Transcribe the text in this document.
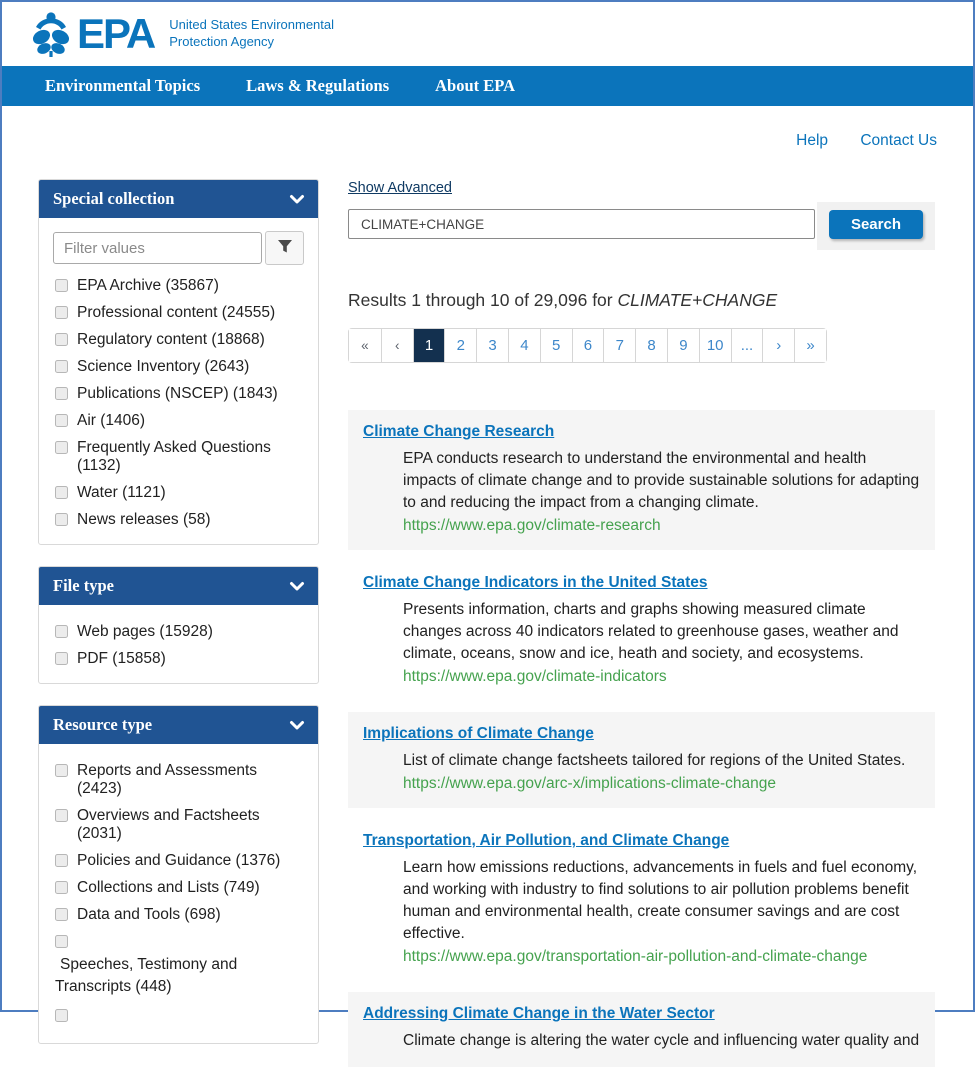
EPA United States Environmental
Protection Agency
Environmental Topics	Laws & Regulations	About EPA
Help Contact Us
Special collection
Filter values
EPA Archive (35867)
Professional content (24555)
Regulatory content (18868)
Science Inventory (2643)
Publications (NSCEP) (1843)
Air (1406)
Frequently Asked Questions (1132)
Water (1121)
News releases (58)
File type
Web pages (15928)
PDF (15858)
Resource type
Reports and Assessments (2423)
Overviews and Factsheets (2031)
Policies and Guidance (1376)
Collections and Lists (749)
Data and Tools (698)
Speeches, Testimony and Transcripts (448)
Show Advanced
CLIMATE+CHANGE
Search
Results 1 through 10 of 29,096 for CLIMATE+CHANGE
«	‹	1	2	3	4	5	6	7	8	9	10	...	›	»
Climate Change Research
EPA conducts research to understand the environmental and health impacts of climate change and to provide sustainable solutions for adapting to and reducing the impact from a changing climate.
https://www.epa.gov/climate-research
Climate Change Indicators in the United States
Presents information, charts and graphs showing measured climate changes across 40 indicators related to greenhouse gases, weather and climate, oceans, snow and ice, heath and society, and ecosystems.
https://www.epa.gov/climate-indicators
Implications of Climate Change
List of climate change factsheets tailored for regions of the United States.
https://www.epa.gov/arc-x/implications-climate-change
Transportation, Air Pollution, and Climate Change
Learn how emissions reductions, advancements in fuels and fuel economy, and working with industry to find solutions to air pollution problems benefit human and environmental health, create consumer savings and are cost effective.
https://www.epa.gov/transportation-air-pollution-and-climate-change
Addressing Climate Change in the Water Sector
Climate change is altering the water cycle and influencing water quality and
